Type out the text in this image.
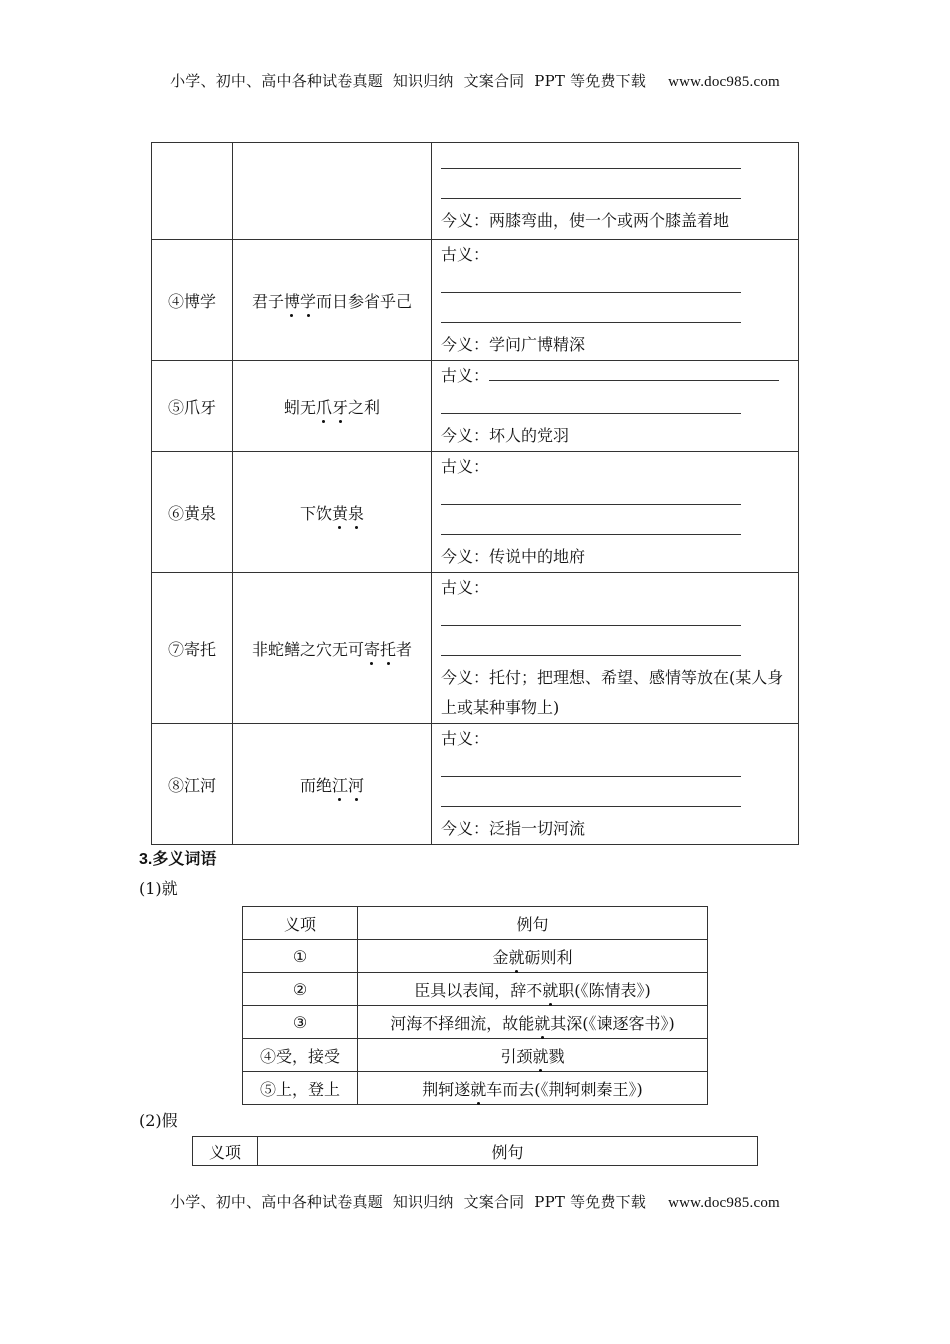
小学、初中、高中各种试卷真题  知识归纳  文案合同  PPT 等免费下载 www.doc985.com

		今义：两膝弯曲，使一个或两个膝盖着地

④博学	君子博学而日参省乎己	古义：
今义：学问广博精深

⑤爪牙	蚓无爪牙之利	古义：
今义：坏人的党羽

⑥黄泉	下饮黄泉	古义：
今义：传说中的地府

⑦寄托	非蛇鳝之穴无可寄托者	古义：
今义：托付；把理想、希望、感情等放在(某人身上或某种事物上)

⑧江河	而绝江河	古义：
今义：泛指一切河流
3.多义词语
(1)就
义项	例句
①	金就砺则利
②	臣具以表闻，辞不就职(《陈情表》)
③	河海不择细流，故能就其深(《谏逐客书》)
④受，接受	引颈就戮
⑤上，登上	荆轲遂就车而去(《荆轲刺秦王》)
(2)假
义项	例句
小学、初中、高中各种试卷真题  知识归纳  文案合同  PPT 等免费下载 www.doc985.com
